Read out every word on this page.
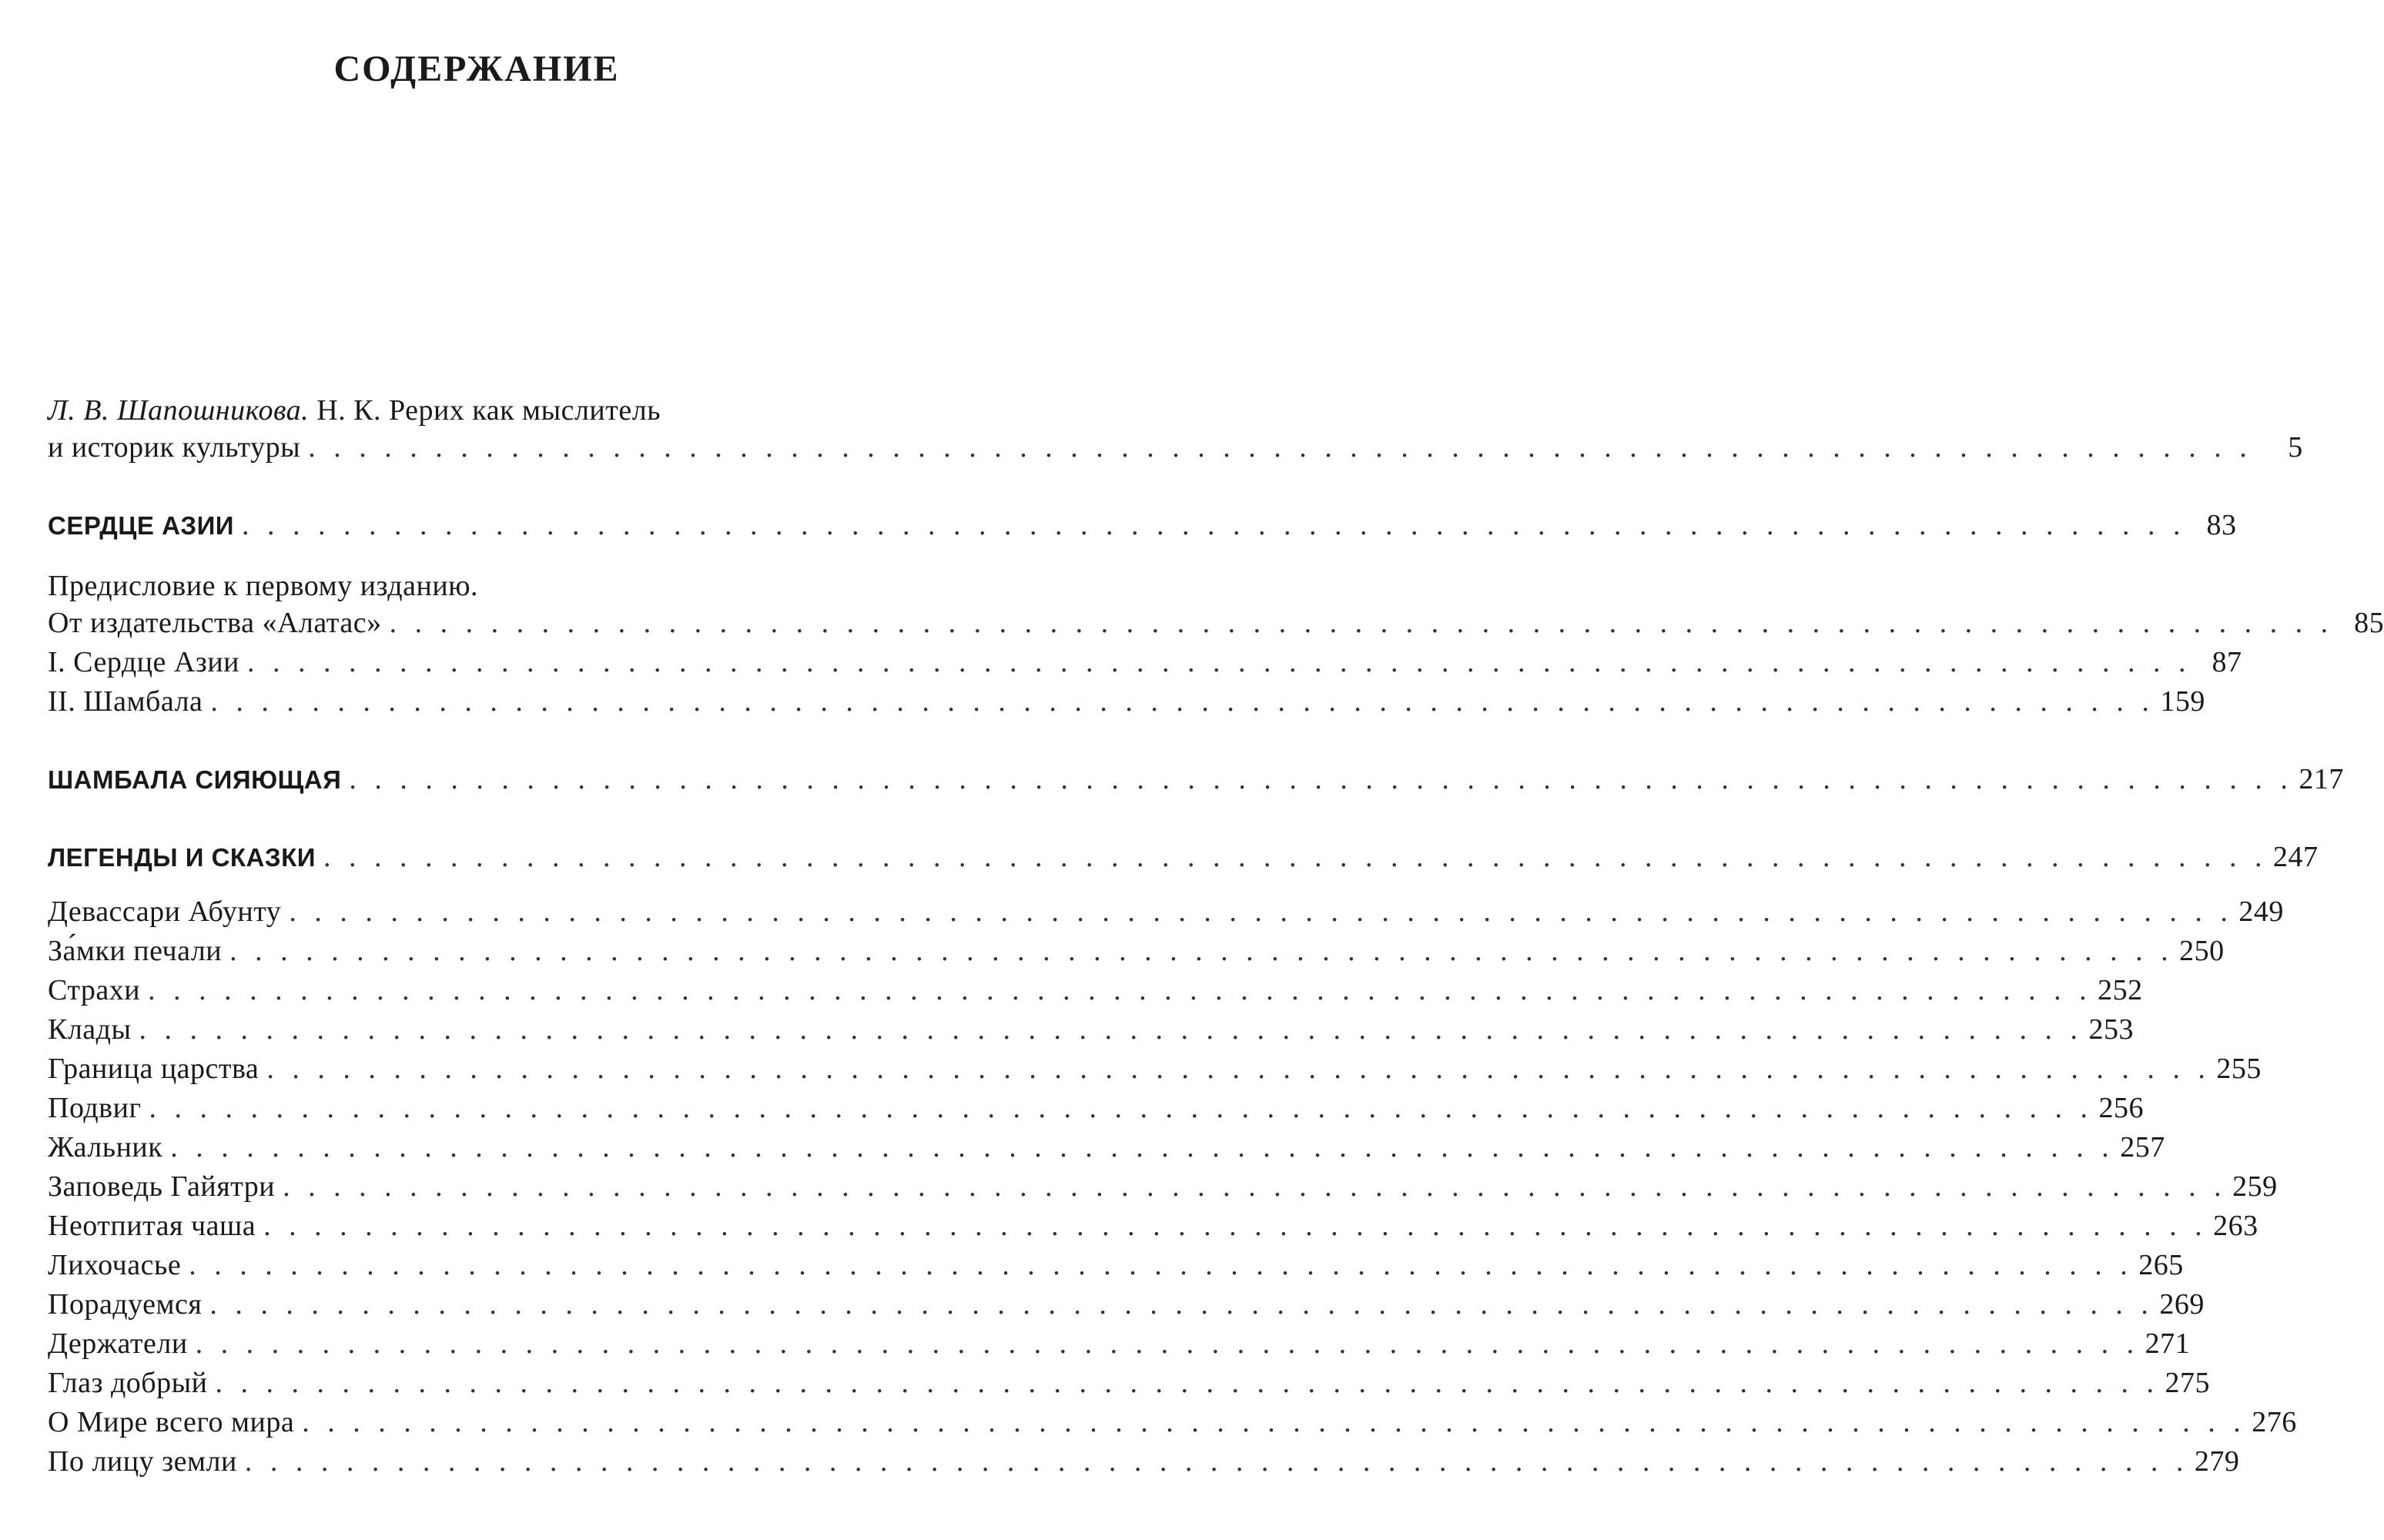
СОДЕРЖАНИЕ
Л. В. Шапошникова. Н. К. Рерих как мыслитель
и историк культуры . . . . . . . . . . . . . . . . . . . . . . . . . . . . . . . . . . . . . . . . . . . . . . . . . . . . . . . . . . . . . . . . . . . . . . . . . . . . .	5
СЕРДЦЕ АЗИИ . . . . . . . . . . . . . . . . . . . . . . . . . . . . . . . . . . . . . . . . . . . . . . . . . . . . . . . . . . . . . . . . . . . . . . . . . . . . . 83
Предисловие к первому изданию.
От издательства «Алатас» . . . . . . . . . . . . . . . . . . . . . . . . . . . . . . . . . . . . . . . . . . . . . . . . . . . . . . . . . . . . . . . . . . . . . . . . . . . . . 85
I. Сердце Азии . . . . . . . . . . . . . . . . . . . . . . . . . . . . . . . . . . . . . . . . . . . . . . . . . . . . . . . . . . . . . . . . . . . . . . . . . . . . . 87
II. Шамбала . . . . . . . . . . . . . . . . . . . . . . . . . . . . . . . . . . . . . . . . . . . . . . . . . . . . . . . . . . . . . . . . . . . . . . . . . . . . . 159
ШАМБАЛА СИЯЮЩАЯ . . . . . . . . . . . . . . . . . . . . . . . . . . . . . . . . . . . . . . . . . . . . . . . . . . . . . . . . . . . . . . . . . . . . . . . . . . . . . 217
ЛЕГЕНДЫ И СКАЗКИ . . . . . . . . . . . . . . . . . . . . . . . . . . . . . . . . . . . . . . . . . . . . . . . . . . . . . . . . . . . . . . . . . . . . . . . . . . . . . 247
Девассари Абунту . . . . . . . . . . . . . . . . . . . . . . . . . . . . . . . . . . . . . . . . . . . . . . . . . . . . . . . . . . . . . . . . . . . . . . . . . . . . . 249
За́мки печали . . . . . . . . . . . . . . . . . . . . . . . . . . . . . . . . . . . . . . . . . . . . . . . . . . . . . . . . . . . . . . . . . . . . . . . . . . . . . 250
Страхи . . . . . . . . . . . . . . . . . . . . . . . . . . . . . . . . . . . . . . . . . . . . . . . . . . . . . . . . . . . . . . . . . . . . . . . . . . . . . 252
Клады . . . . . . . . . . . . . . . . . . . . . . . . . . . . . . . . . . . . . . . . . . . . . . . . . . . . . . . . . . . . . . . . . . . . . . . . . . . . . 253
Граница царства . . . . . . . . . . . . . . . . . . . . . . . . . . . . . . . . . . . . . . . . . . . . . . . . . . . . . . . . . . . . . . . . . . . . . . . . . . . . . 255
Подвиг . . . . . . . . . . . . . . . . . . . . . . . . . . . . . . . . . . . . . . . . . . . . . . . . . . . . . . . . . . . . . . . . . . . . . . . . . . . . . 256
Жальник . . . . . . . . . . . . . . . . . . . . . . . . . . . . . . . . . . . . . . . . . . . . . . . . . . . . . . . . . . . . . . . . . . . . . . . . . . . . . 257
Заповедь Гайятри . . . . . . . . . . . . . . . . . . . . . . . . . . . . . . . . . . . . . . . . . . . . . . . . . . . . . . . . . . . . . . . . . . . . . . . . . . . . . 259
Неотпитая чаша . . . . . . . . . . . . . . . . . . . . . . . . . . . . . . . . . . . . . . . . . . . . . . . . . . . . . . . . . . . . . . . . . . . . . . . . . . . . . 263
Лихочасье . . . . . . . . . . . . . . . . . . . . . . . . . . . . . . . . . . . . . . . . . . . . . . . . . . . . . . . . . . . . . . . . . . . . . . . . . . . . . 265
Порадуемся . . . . . . . . . . . . . . . . . . . . . . . . . . . . . . . . . . . . . . . . . . . . . . . . . . . . . . . . . . . . . . . . . . . . . . . . . . . . . 269
Держатели . . . . . . . . . . . . . . . . . . . . . . . . . . . . . . . . . . . . . . . . . . . . . . . . . . . . . . . . . . . . . . . . . . . . . . . . . . . . . 271
Глаз добрый . . . . . . . . . . . . . . . . . . . . . . . . . . . . . . . . . . . . . . . . . . . . . . . . . . . . . . . . . . . . . . . . . . . . . . . . . . . . . 275
О Мире всего мира . . . . . . . . . . . . . . . . . . . . . . . . . . . . . . . . . . . . . . . . . . . . . . . . . . . . . . . . . . . . . . . . . . . . . . . . . . . . . 276
По лицу земли . . . . . . . . . . . . . . . . . . . . . . . . . . . . . . . . . . . . . . . . . . . . . . . . . . . . . . . . . . . . . . . . . . . . . . . . . . . . . 279
